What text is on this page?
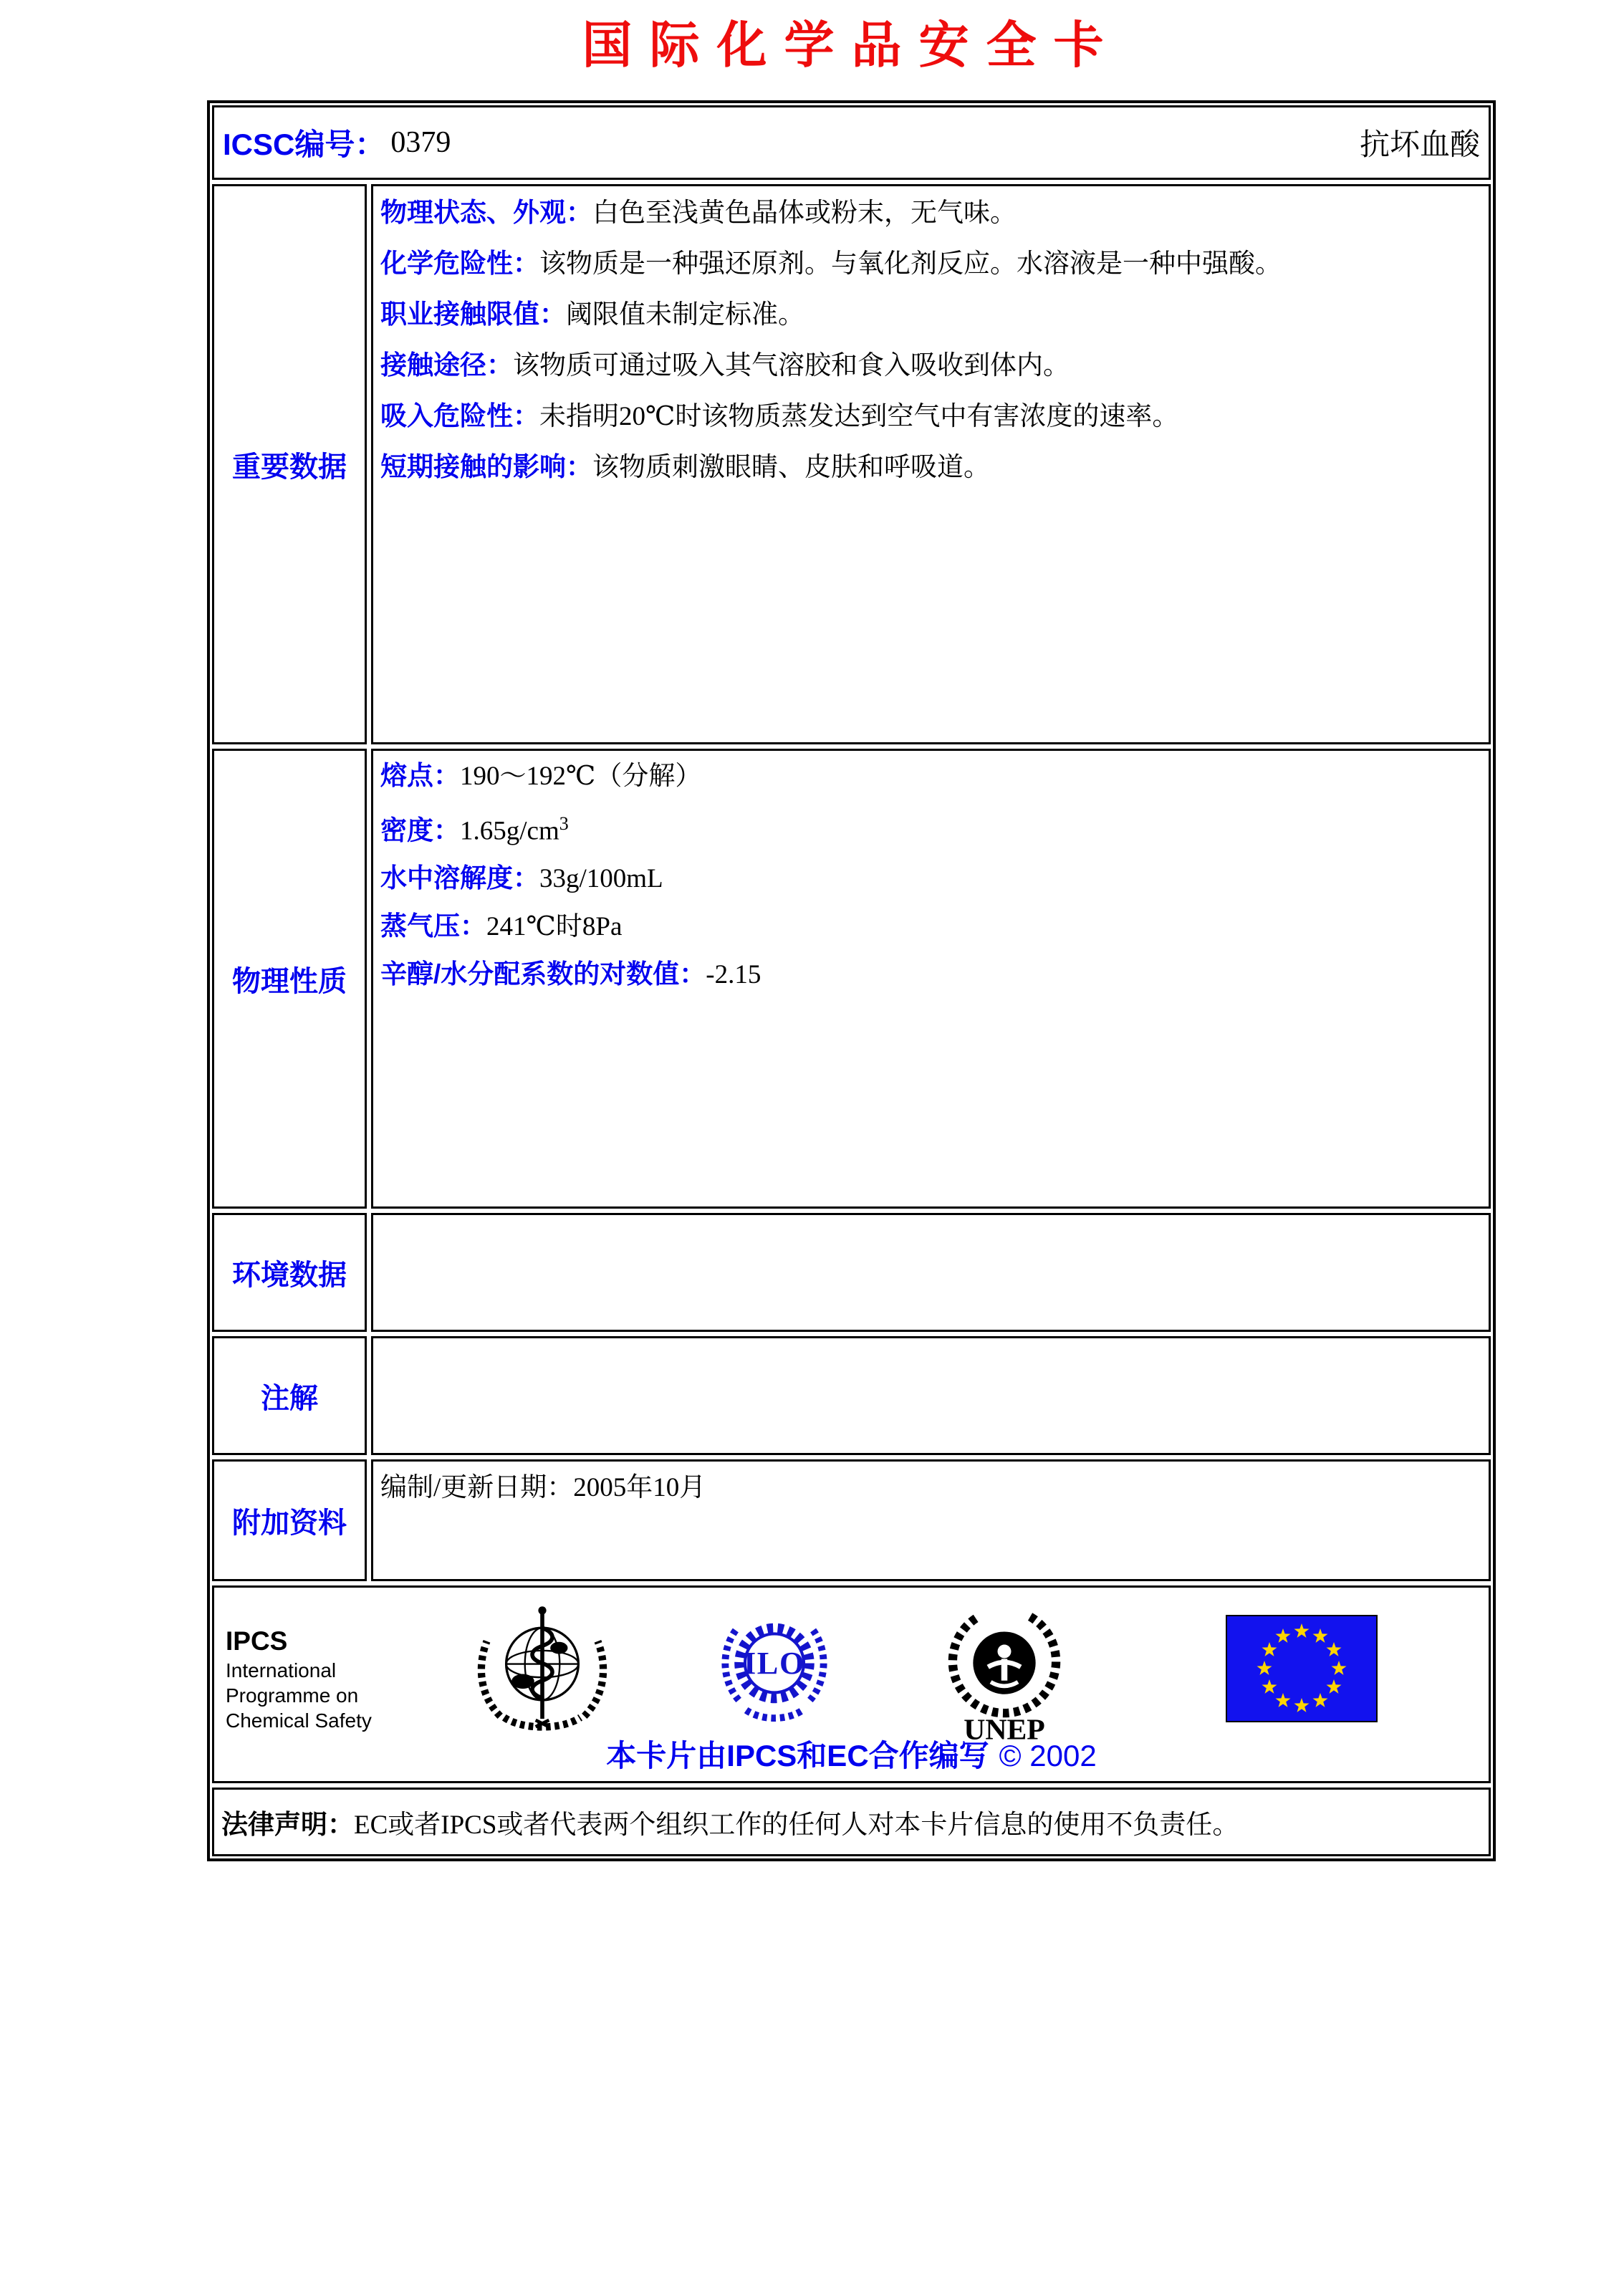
国际化学品安全卡
ICSC编号： 0379	抗坏血酸
重要数据

物理状态、外观：白色至浅黄色晶体或粉末，无气味。

化学危险性：该物质是一种强还原剂。与氧化剂反应。水溶液是一种中强酸。

职业接触限值：阈限值未制定标准。

接触途径：该物质可通过吸入其气溶胶和食入吸收到体内。

吸入危险性：未指明20℃时该物质蒸发达到空气中有害浓度的速率。

短期接触的影响：该物质刺激眼睛、皮肤和呼吸道。

物理性质

熔点：190～192℃（分解）

密度：$1.65g/cm^3$

水中溶解度：33g/100mL

蒸气压：241℃时8Pa

辛醇/水分配系数的对数值：-2.15

环境数据
注解
附加资料

编制/更新日期：2005年10月

IPCS
International
Programme on
Chemical Safety
ILO
UNEP
本卡片由IPCS和EC合作编写 © 2002
法律声明： EC或者IPCS或者代表两个组织工作的任何人对本卡片信息的使用不负责任。
